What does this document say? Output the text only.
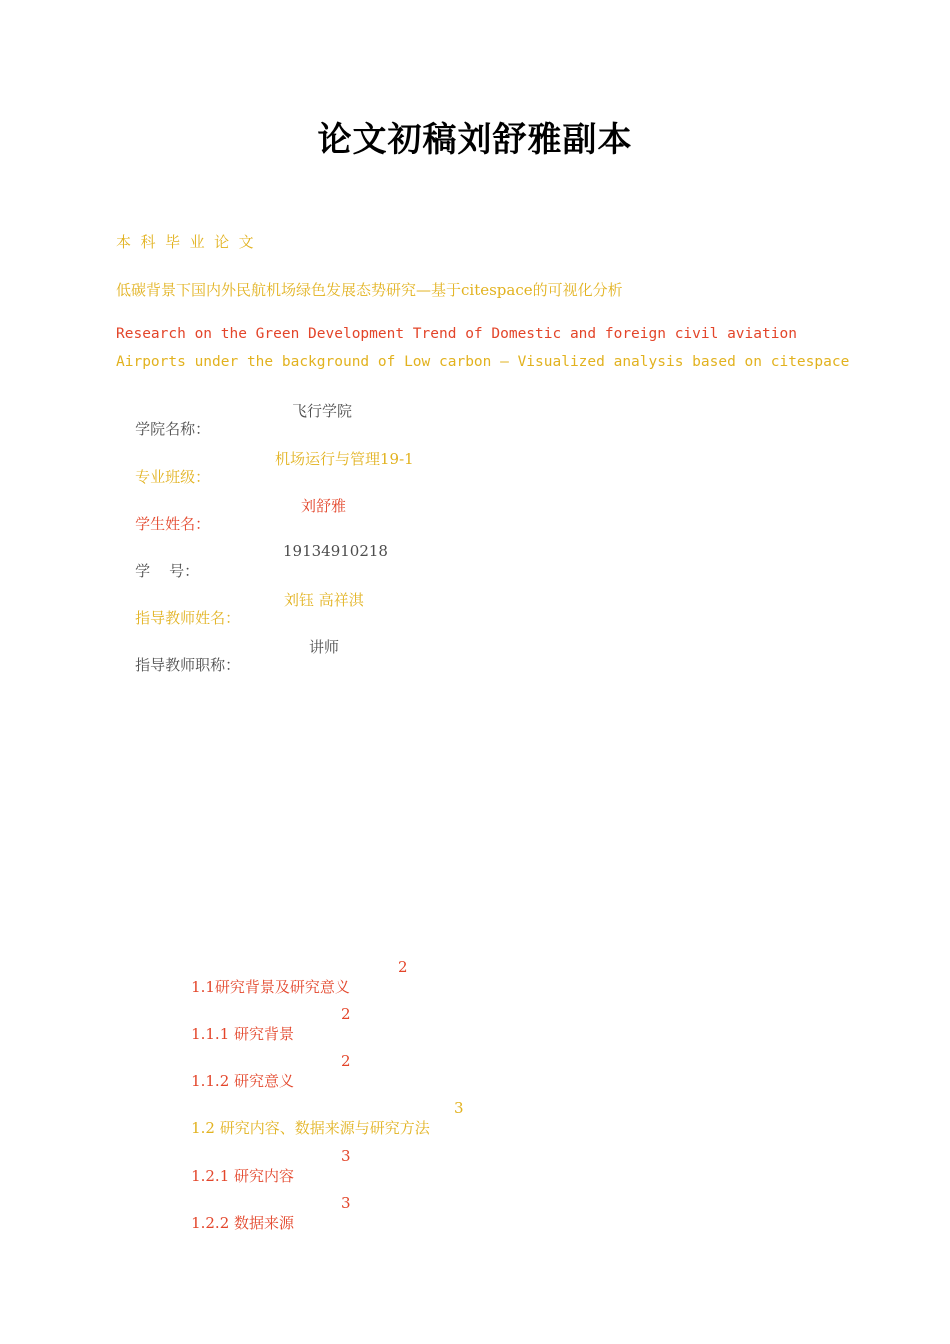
论文初稿刘舒雅副本
本  科  毕  业  论  文
低碳背景下国内外民航机场绿色发展态势研究—基于citespace的可视化分析
Research on the Green Development Trend of Domestic and foreign civil aviation
Airports under the background of Low carbon — Visualized analysis based on citespace

学院名称：

飞行学院

专业班级：

机场运行与管理19-1

学生姓名：

刘舒雅

学    号：

19134910218

指导教师姓名：

刘钰 高祥淇

指导教师职称：

讲师

1.1研究背景及研究意义

2

1.1.1 研究背景

2

1.1.2 研究意义

2

1.2 研究内容、数据来源与研究方法

3

1.2.1 研究内容

3

1.2.2 数据来源

3
